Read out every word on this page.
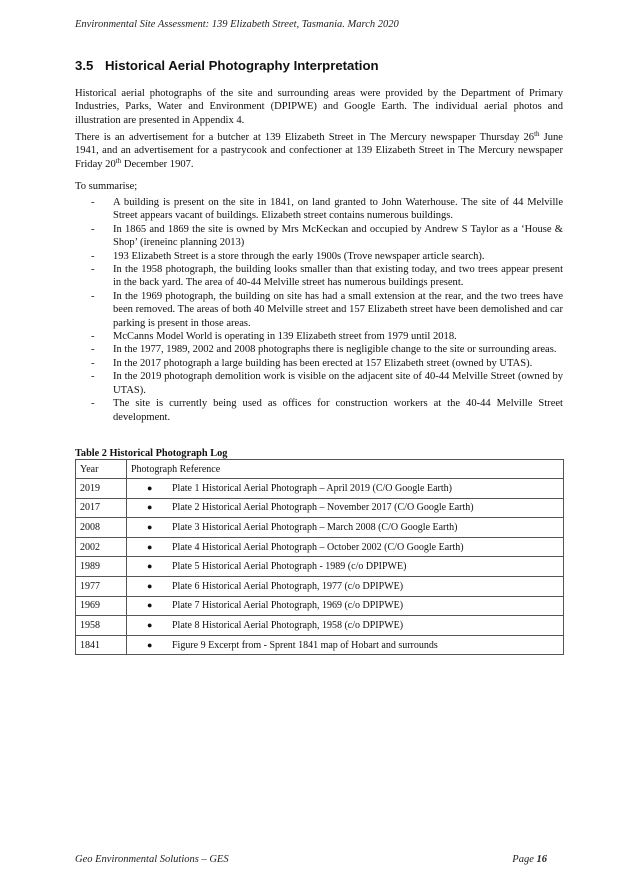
Environmental Site Assessment: 139 Elizabeth Street, Tasmania. March 2020
3.5 Historical Aerial Photography Interpretation

Historical aerial photographs of the site and surrounding areas were provided by the Department of Primary Industries, Parks, Water and Environment (DPIPWE) and Google Earth. The individual aerial photos and illustration are presented in Appendix 4.

There is an advertisement for a butcher at 139 Elizabeth Street in The Mercury newspaper Thursday 26th June 1941, and an advertisement for a pastrycook and confectioner at 139 Elizabeth Street in The Mercury newspaper Friday 20th December 1907.

To summarise;

- A building is present on the site in 1841, on land granted to John Waterhouse. The site of 44 Melville Street appears vacant of buildings. Elizabeth street contains numerous buildings.
- In 1865 and 1869 the site is owned by Mrs McKeckan and occupied by Andrew S Taylor as a ‘House & Shop’ (ireneinc planning 2013)
- 193 Elizabeth Street is a store through the early 1900s (Trove newspaper article search).
- In the 1958 photograph, the building looks smaller than that existing today, and two trees appear present in the back yard. The area of 40-44 Melville street has numerous buildings present.
- In the 1969 photograph, the building on site has had a small extension at the rear, and the two trees have been removed. The areas of both 40 Melville street and 157 Elizabeth street have been demolished and car parking is present in those areas.
- McCanns Model World is operating in 139 Elizabeth street from 1979 until 2018.
- In the 1977, 1989, 2002 and 2008 photographs there is negligible change to the site or surrounding areas.
- In the 2017 photograph a large building has been erected at 157 Elizabeth street (owned by UTAS).
- In the 2019 photograph demolition work is visible on the adjacent site of 40-44 Melville Street (owned by UTAS).
- The site is currently being used as offices for construction workers at the 40-44 Melville Street development.
Table 2 Historical Photograph Log
Year	Photograph Reference
2019	● Plate 1 Historical Aerial Photograph – April 2019 (C/O Google Earth)
2017	● Plate 2 Historical Aerial Photograph – November 2017 (C/O Google Earth)
2008	● Plate 3 Historical Aerial Photograph – March 2008 (C/O Google Earth)
2002	● Plate 4 Historical Aerial Photograph – October 2002 (C/O Google Earth)
1989	● Plate 5 Historical Aerial Photograph - 1989 (c/o DPIPWE)
1977	● Plate 6 Historical Aerial Photograph, 1977 (c/o DPIPWE)
1969	● Plate 7 Historical Aerial Photograph, 1969 (c/o DPIPWE)
1958	● Plate 8 Historical Aerial Photograph, 1958 (c/o DPIPWE)
1841	● Figure 9 Excerpt from - Sprent 1841 map of Hobart and surrounds
Geo Environmental Solutions – GES	Page 16
